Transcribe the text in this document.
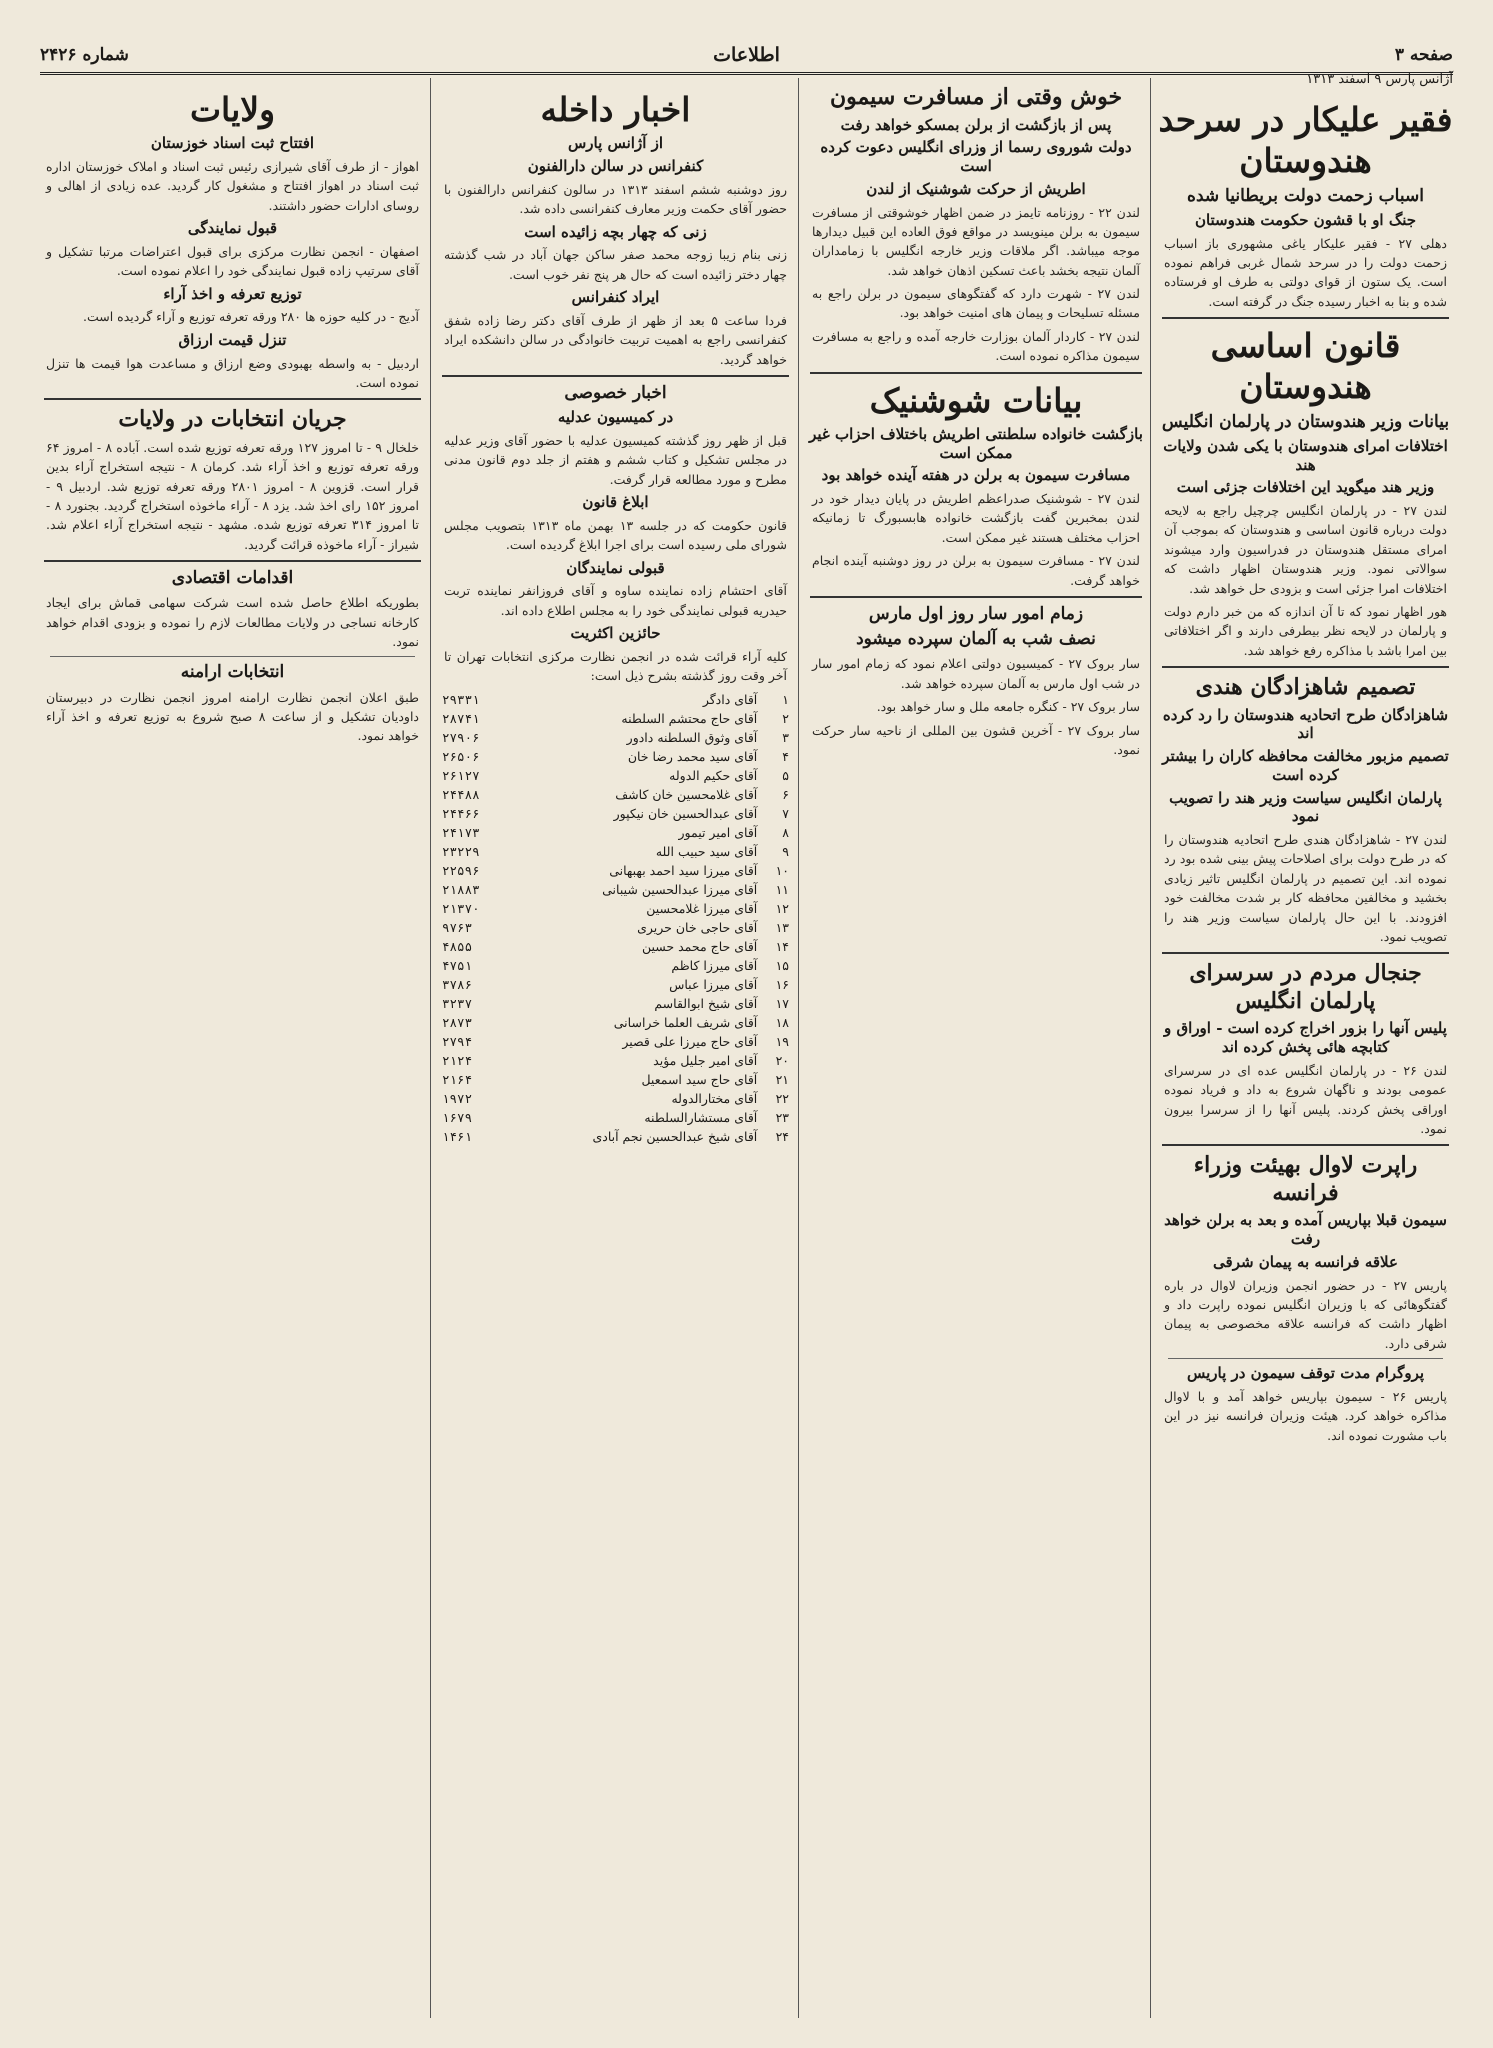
صفحه ۳
اطلاعات
شماره ۲۴۲۶
آژانس پارس ۹ اسفند ۱۳۱۳
فقیر علیکار در سرحد هندوستان
اسباب زحمت دولت بریطانیا شده
جنگ او با قشون حکومت هندوستان

دهلی ۲۷ - فقیر علیکار یاغی مشهوری باز اسباب زحمت دولت را در سرحد شمال غربی فراهم نموده است. یک ستون از قوای دولتی به طرف او فرستاده شده و بنا به اخبار رسیده جنگ در گرفته است.

قانون اساسی هندوستان
بیانات وزیر هندوستان در پارلمان انگلیس
اختلافات امرای هندوستان با یکی شدن ولایات هند
وزیر هند میگوید این اختلافات جزئی است

لندن ۲۷ - در پارلمان انگلیس چرچیل راجع به لایحه دولت درباره قانون اساسی و هندوستان که بموجب آن امرای مستقل هندوستان در فدراسیون وارد میشوند سوالاتی نمود. وزیر هندوستان اظهار داشت که اختلافات امرا جزئی است و بزودی حل خواهد شد.

هور اظهار نمود که تا آن اندازه که من خبر دارم دولت و پارلمان در لایحه نظر بیطرفی دارند و اگر اختلافاتی بین امرا باشد با مذاکره رفع خواهد شد.

تصمیم شاهزادگان هندی
شاهزادگان طرح اتحادیه هندوستان را رد کرده اند
تصمیم مزبور مخالفت محافظه کاران را بیشتر کرده است
پارلمان انگلیس سیاست وزیر هند را تصویب نمود

لندن ۲۷ - شاهزادگان هندی طرح اتحادیه هندوستان را که در طرح دولت برای اصلاحات پیش بینی شده بود رد نموده اند. این تصمیم در پارلمان انگلیس تاثیر زیادی بخشید و مخالفین محافظه کار بر شدت مخالفت خود افزودند. با این حال پارلمان سیاست وزیر هند را تصویب نمود.

جنجال مردم در سرسرای پارلمان انگلیس
پلیس آنها را بزور اخراج کرده است - اوراق و کتابچه هائی پخش کرده اند

لندن ۲۶ - در پارلمان انگلیس عده ای در سرسرای عمومی بودند و ناگهان شروع به داد و فریاد نموده اوراقی پخش کردند. پلیس آنها را از سرسرا بیرون نمود.

راپرت لاوال بهیئت وزراء فرانسه
سیمون قبلا بپاریس آمده و بعد به برلن خواهد رفت
علاقه فرانسه به پیمان شرقی

پاریس ۲۷ - در حضور انجمن وزیران لاوال در باره گفتگوهائی که با وزیران انگلیس نموده راپرت داد و اظهار داشت که فرانسه علاقه مخصوصی به پیمان شرقی دارد.

پروگرام مدت توقف سیمون در پاریس

پاریس ۲۶ - سیمون بپاریس خواهد آمد و با لاوال مذاکره خواهد کرد. هیئت وزیران فرانسه نیز در این باب مشورت نموده اند.

خوش وقتی از مسافرت سیمون
پس از بازگشت از برلن بمسکو خواهد رفت
دولت شوروی رسما از وزرای انگلیس دعوت کرده است
اطریش از حرکت شوشنیک از لندن

لندن ۲۲ - روزنامه تایمز در ضمن اظهار خوشوقتی از مسافرت سیمون به برلن مینویسد در مواقع فوق العاده این قبیل دیدارها موجه میباشد. اگر ملاقات وزیر خارجه انگلیس با زمامداران آلمان نتیجه بخشد باعث تسکین اذهان خواهد شد.

لندن ۲۷ - شهرت دارد که گفتگوهای سیمون در برلن راجع به مسئله تسلیحات و پیمان های امنیت خواهد بود.

لندن ۲۷ - کاردار آلمان بوزارت خارجه آمده و راجع به مسافرت سیمون مذاکره نموده است.

بیانات شوشنیک
بازگشت خانواده سلطنتی اطریش باختلاف احزاب غیر ممکن است
مسافرت سیمون به برلن در هفته آینده خواهد بود

لندن ۲۷ - شوشنیک صدراعظم اطریش در پایان دیدار خود در لندن بمخبرین گفت بازگشت خانواده هابسبورگ تا زمانیکه احزاب مختلف هستند غیر ممکن است.

لندن ۲۷ - مسافرت سیمون به برلن در روز دوشنبه آینده انجام خواهد گرفت.

زمام امور سار روز اول مارس
نصف شب به آلمان سپرده میشود

سار بروک ۲۷ - کمیسیون دولتی اعلام نمود که زمام امور سار در شب اول مارس به آلمان سپرده خواهد شد.

سار بروک ۲۷ - کنگره جامعه ملل و سار خواهد بود.

سار بروک ۲۷ - آخرین قشون بین المللی از ناحیه سار حرکت نمود.

اخبار داخله
از آژانس پارس
کنفرانس در سالن دارالفنون

روز دوشنبه ششم اسفند ۱۳۱۳ در سالون کنفرانس دارالفنون با حضور آقای حکمت وزیر معارف کنفرانسی داده شد.

زنی که چهار بچه زائیده است

زنی بنام زیبا زوجه محمد صفر ساکن جهان آباد در شب گذشته چهار دختر زائیده است که حال هر پنج نفر خوب است.

ایراد کنفرانس

فردا ساعت ۵ بعد از ظهر از طرف آقای دکتر رضا زاده شفق کنفرانسی راجع به اهمیت تربیت خانوادگی در سالن دانشکده ایراد خواهد گردید.

اخبار خصوصی
در کمیسیون عدلیه

قبل از ظهر روز گذشته کمیسیون عدلیه با حضور آقای وزیر عدلیه در مجلس تشکیل و کتاب ششم و هفتم از جلد دوم قانون مدنی مطرح و مورد مطالعه قرار گرفت.

ابلاغ قانون

قانون حکومت که در جلسه ۱۳ بهمن ماه ۱۳۱۳ بتصویب مجلس شورای ملی رسیده است برای اجرا ابلاغ گردیده است.

قبولی نمایندگان

آقای احتشام زاده نماینده ساوه و آقای فروزانفر نماینده تربت حیدریه قبولی نمایندگی خود را به مجلس اطلاع داده اند.

حائزین اکثریت

کلیه آراء قرائت شده در انجمن نظارت مرکزی انتخابات تهران تا آخر وقت روز گذشته بشرح ذیل است:

۱	آقای دادگر	۲۹۳۳۱
۲	آقای حاج محتشم السلطنه	۲۸۷۴۱
۳	آقای وثوق السلطنه دادور	۲۷۹۰۶
۴	آقای سید محمد رضا خان	۲۶۵۰۶
۵	آقای حکیم الدوله	۲۶۱۲۷
۶	آقای غلامحسین خان کاشف	۲۴۴۸۸
۷	آقای عبدالحسین خان نیکپور	۲۴۴۶۶
۸	آقای امیر تیمور	۲۴۱۷۳
۹	آقای سید حبیب الله	۲۳۲۲۹
۱۰	آقای میرزا سید احمد بهبهانی	۲۲۵۹۶
۱۱	آقای میرزا عبدالحسین شیبانی	۲۱۸۸۳
۱۲	آقای میرزا غلامحسین	۲۱۳۷۰
۱۳	آقای حاجی خان حریری	۹۷۶۳
۱۴	آقای حاج محمد حسین	۴۸۵۵
۱۵	آقای میرزا کاظم	۴۷۵۱
۱۶	آقای میرزا عباس	۳۷۸۶
۱۷	آقای شیخ ابوالقاسم	۳۲۳۷
۱۸	آقای شریف العلما خراسانی	۲۸۷۳
۱۹	آقای حاج میرزا علی قصیر	۲۷۹۴
۲۰	آقای امیر جلیل مؤید	۲۱۲۴
۲۱	آقای حاج سید اسمعیل	۲۱۶۴
۲۲	آقای مختارالدوله	۱۹۷۲
۲۳	آقای مستشارالسلطنه	۱۶۷۹
۲۴	آقای شیخ عبدالحسین نجم آبادی	۱۴۶۱
ولایات
افتتاح ثبت اسناد خوزستان

اهواز - از طرف آقای شیرازی رئیس ثبت اسناد و املاک خوزستان اداره ثبت اسناد در اهواز افتتاح و مشغول کار گردید. عده زیادی از اهالی و روسای ادارات حضور داشتند.

قبول نمایندگی

اصفهان - انجمن نظارت مرکزی برای قبول اعتراضات مرتبا تشکیل و آقای سرتیپ زاده قبول نمایندگی خود را اعلام نموده است.

توزیع تعرفه و اخذ آراء

آدیج - در کلیه حوزه ها ۲۸۰ ورقه تعرفه توزیع و آراء گردیده است.

تنزل قیمت ارزاق

اردبیل - به واسطه بهبودی وضع ارزاق و مساعدت هوا قیمت ها تنزل نموده است.

جریان انتخابات در ولایات

خلخال ۹ - تا امروز ۱۲۷ ورقه تعرفه توزیع شده است. آباده ۸ - امروز ۶۴ ورقه تعرفه توزیع و اخذ آراء شد. کرمان ۸ - نتیجه استخراج آراء بدین قرار است. قزوین ۸ - امروز ۲۸۰۱ ورقه تعرفه توزیع شد. اردبیل ۹ - امروز ۱۵۲ رای اخذ شد. یزد ۸ - آراء ماخوذه استخراج گردید. بجنورد ۸ - تا امروز ۳۱۴ تعرفه توزیع شده. مشهد - نتیجه استخراج آراء اعلام شد. شیراز - آراء ماخوذه قرائت گردید.

اقدامات اقتصادی

بطوریکه اطلاع حاصل شده است شرکت سهامی قماش برای ایجاد کارخانه نساجی در ولایات مطالعات لازم را نموده و بزودی اقدام خواهد نمود.

انتخابات ارامنه

طبق اعلان انجمن نظارت ارامنه امروز انجمن نظارت در دبیرستان داودیان تشکیل و از ساعت ۸ صبح شروع به توزیع تعرفه و اخذ آراء خواهد نمود.
